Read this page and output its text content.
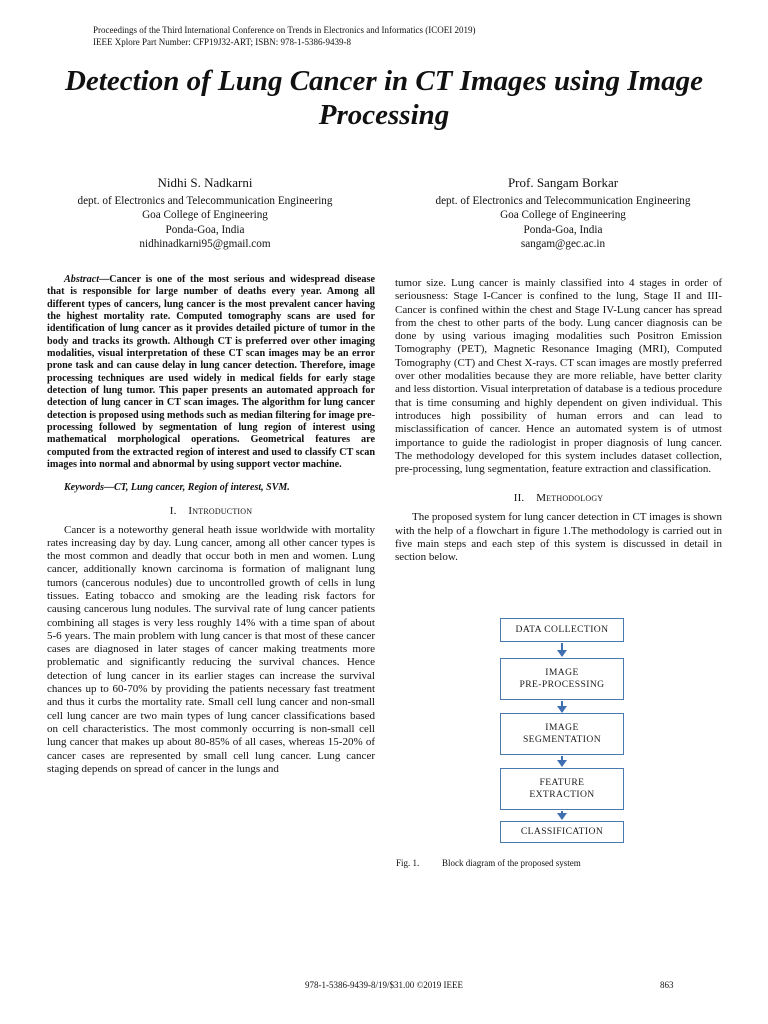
Proceedings of the Third International Conference on Trends in Electronics and Informatics (ICOEI 2019)
IEEE Xplore Part Number: CFP19J32-ART; ISBN: 978-1-5386-9439-8
Detection of Lung Cancer in CT Images using Image Processing
Nidhi S. Nadkarni
dept. of Electronics and Telecommunication Engineering
Goa College of Engineering
Ponda-Goa, India
nidhinadkarni95@gmail.com
Prof. Sangam Borkar
dept. of Electronics and Telecommunication Engineering
Goa College of Engineering
Ponda-Goa, India
sangam@gec.ac.in

Abstract—Cancer is one of the most serious and widespread disease that is responsible for large number of deaths every year. Among all different types of cancers, lung cancer is the most prevalent cancer having the highest mortality rate. Computed tomography scans are used for identification of lung cancer as it provides detailed picture of tumor in the body and tracks its growth. Although CT is preferred over other imaging modalities, visual interpretation of these CT scan images may be an error prone task and can cause delay in lung cancer detection. Therefore, image processing techniques are used widely in medical fields for early stage detection of lung tumor. This paper presents an automated approach for detection of lung cancer in CT scan images. The algorithm for lung cancer detection is proposed using methods such as median filtering for image pre-processing followed by segmentation of lung region of interest using mathematical morphological operations. Geometrical features are computed from the extracted region of interest and used to classify CT scan images into normal and abnormal by using support vector machine.

Keywords—CT, Lung cancer, Region of interest, SVM.

I. Introduction

Cancer is a noteworthy general heath issue worldwide with mortality rates increasing day by day. Lung cancer, among all other cancer types is the most common and deadly that occur both in men and women. Lung cancer, additionally known carcinoma is formation of malignant lung tumors (cancerous nodules) due to uncontrolled growth of cells in lung tissues. Eating tobacco and smoking are the leading risk factors for causing cancerous lung nodules. The survival rate of lung cancer patients combining all stages is very less roughly 14% with a time span of about 5-6 years. The main problem with lung cancer is that most of these cancer cases are diagnosed in later stages of cancer making treatments more problematic and significantly reducing the survival chances. Hence detection of lung cancer in its earlier stages can increase the survival chances up to 60-70% by providing the patients necessary fast treatment and thus it curbs the mortality rate. Small cell lung cancer and non-small cell lung cancer are two main types of lung cancer classifications based on cell characteristics. The most commonly occurring is non-small cell lung cancer that makes up about 80-85% of all cases, whereas 15-20% of cancer cases are represented by small cell lung cancer. Lung cancer staging depends on spread of cancer in the lungs and

tumor size. Lung cancer is mainly classified into 4 stages in order of seriousness: Stage I-Cancer is confined to the lung, Stage II and III-Cancer is confined within the chest and Stage IV-Lung cancer has spread from the chest to other parts of the body. Lung cancer diagnosis can be done by using various imaging modalities such Positron Emission Tomography (PET), Magnetic Resonance Imaging (MRI), Computed Tomography (CT) and Chest X-rays. CT scan images are mostly preferred over other modalities because they are more reliable, have better clarity and less distortion. Visual interpretation of database is a tedious procedure that is time consuming and highly dependent on given individual. This introduces high possibility of human errors and can lead to misclassification of cancer. Hence an automated system is of utmost importance to guide the radiologist in proper diagnosis of lung cancer. The methodology developed for this system includes dataset collection, pre-processing, lung segmentation, feature extraction and classification.

II. Methodology

The proposed system for lung cancer detection in CT images is shown with the help of a flowchart in figure 1.The methodology is carried out in five main steps and each step of this system is discussed in detail in section below.

DATA COLLECTION
IMAGE
PRE-PROCESSING
IMAGE
SEGMENTATION
FEATURE
EXTRACTION
CLASSIFICATION
Fig. 1.	Block diagram of the proposed system
978-1-5386-9439-8/19/$31.00 ©2019 IEEE	863
